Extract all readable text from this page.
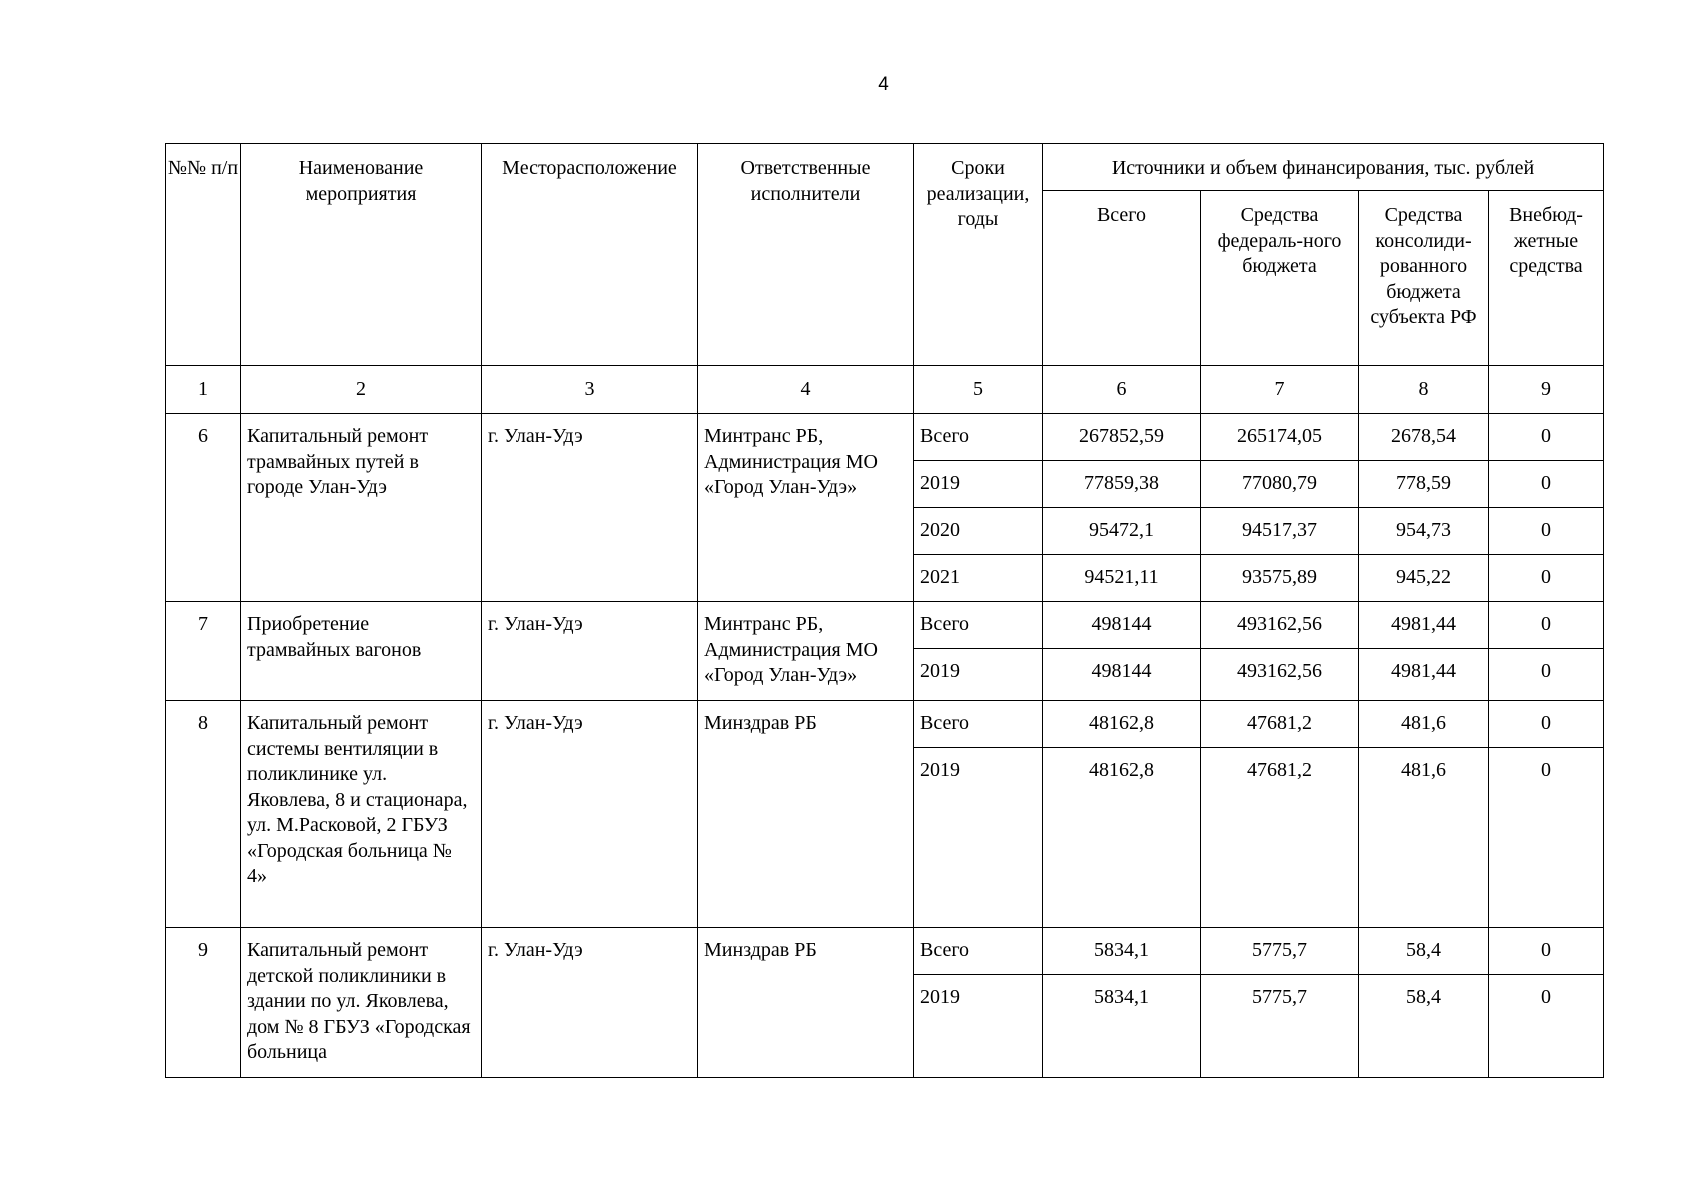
4
№№ п/п	Наименование мероприятия	Месторасположение	Ответственные исполнители	Сроки реализации, годы	Источники и объем финансирования, тыс. рублей			
					Всего	Средства федераль-ного бюджета	Средства консолиди-рованного бюджета субъекта РФ	Внебюд-жетные средства
1	2	3	4	5	6	7	8	9
6	Капитальный ремонт трамвайных путей в городе Улан-Удэ	г. Улан-Удэ	Минтранс РБ, Администрация МО «Город Улан-Удэ»	Всего	267852,59	265174,05	2678,54	0
				2019	77859,38	77080,79	778,59	0
				2020	95472,1	94517,37	954,73	0
				2021	94521,11	93575,89	945,22	0
7	Приобретение трамвайных вагонов	г. Улан-Удэ	Минтранс РБ, Администрация МО «Город Улан-Удэ»	Всего	498144	493162,56	4981,44	0
				2019	498144	493162,56	4981,44	0
8	Капитальный ремонт системы вентиляции в поликлинике ул. Яковлева, 8 и стационара, ул. М.Расковой, 2 ГБУЗ «Городская больница № 4»	г. Улан-Удэ	Минздрав РБ	Всего	48162,8	47681,2	481,6	0
				2019	48162,8	47681,2	481,6	0
9	Капитальный ремонт детской поликлиники в здании по ул. Яковлева, дом № 8 ГБУЗ «Городская больница	г. Улан-Удэ	Минздрав РБ	Всего	5834,1	5775,7	58,4	0
				2019	5834,1	5775,7	58,4	0
